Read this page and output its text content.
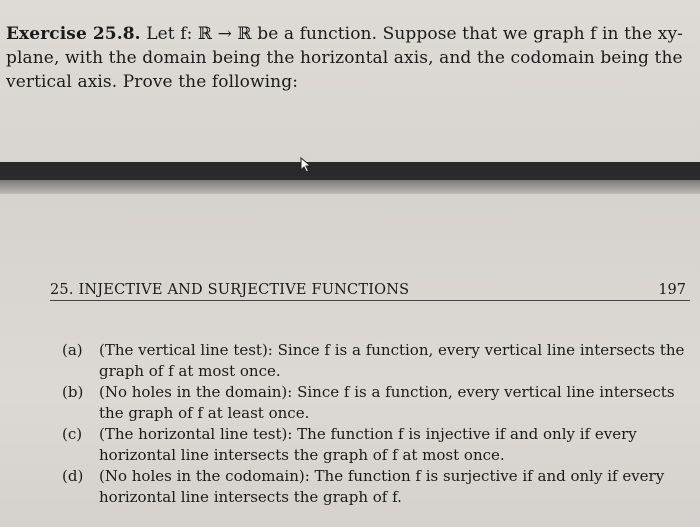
Exercise 25.8. Let f: ℝ → ℝ be a function. Suppose that we graph f in the xy-plane, with the domain being the horizontal axis, and the codomain being the vertical axis. Prove the following:

25. INJECTIVE AND SURJECTIVE FUNCTIONS	197
(a) (The vertical line test): Since f is a function, every vertical line intersects the graph of f at most once.
(b) (No holes in the domain): Since f is a function, every vertical line intersects the graph of f at least once.
(c) (The horizontal line test): The function f is injective if and only if every horizontal line intersects the graph of f at most once.
(d) (No holes in the codomain): The function f is surjective if and only if every horizontal line intersects the graph of f.
